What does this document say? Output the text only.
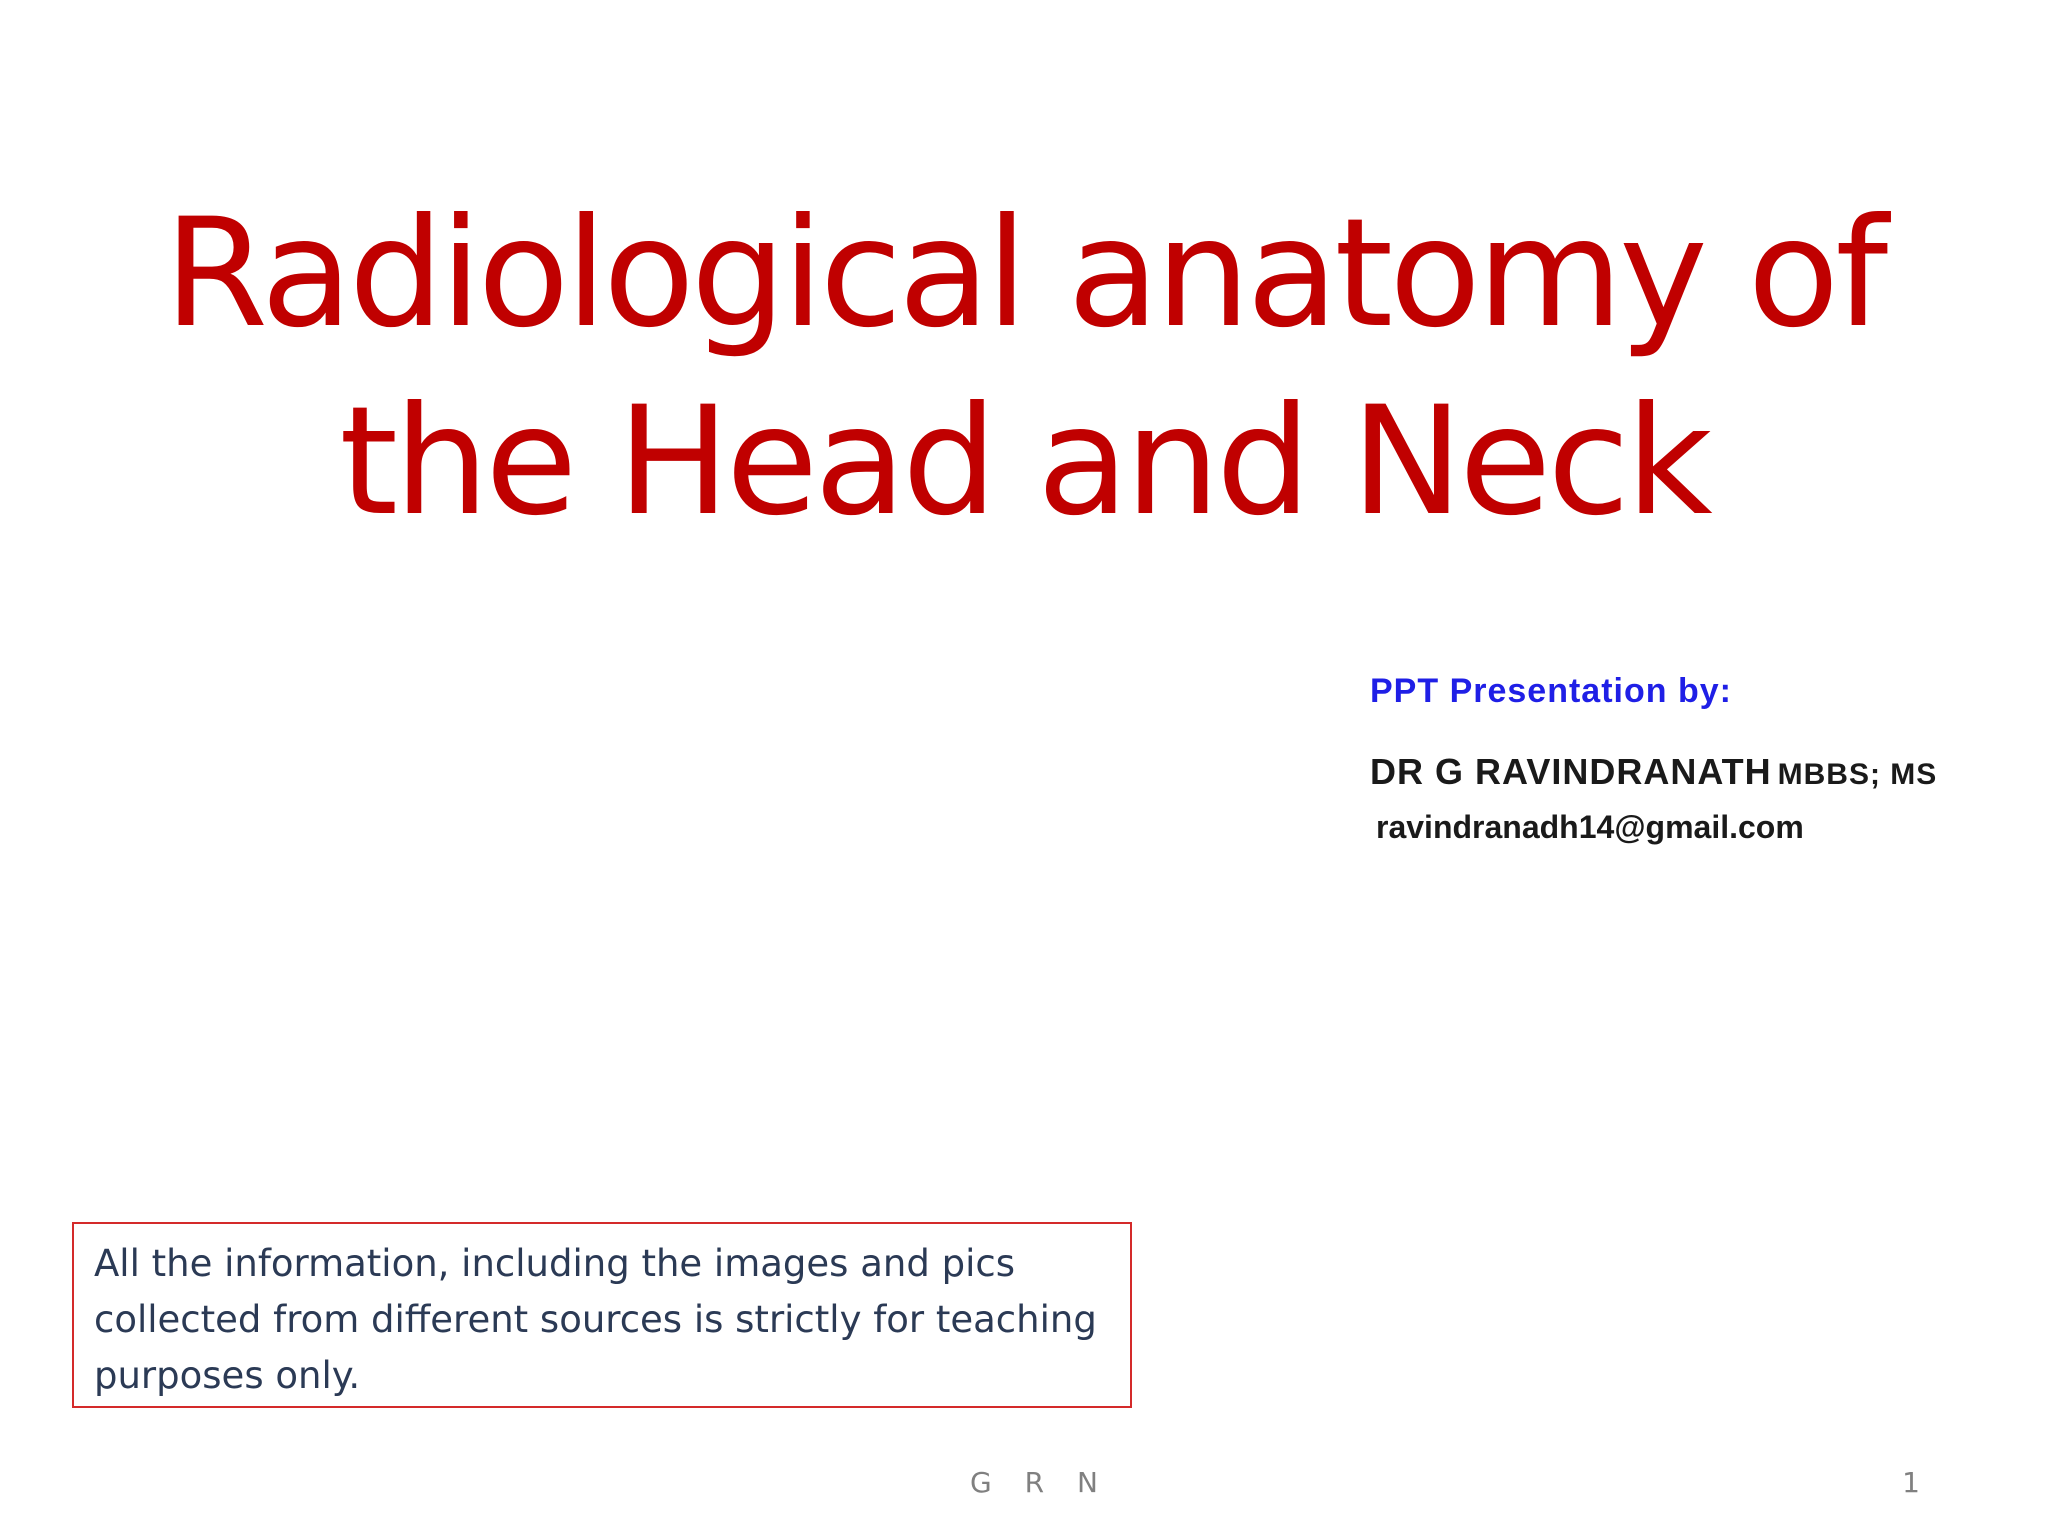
Radiological anatomy of
the Head and Neck
PPT Presentation by:
DR G RAVINDRANATH MBBS; MS
ravindranadh14@gmail.com
All the information, including the images and pics collected from different sources is strictly for teaching purposes only.
G R N	1
